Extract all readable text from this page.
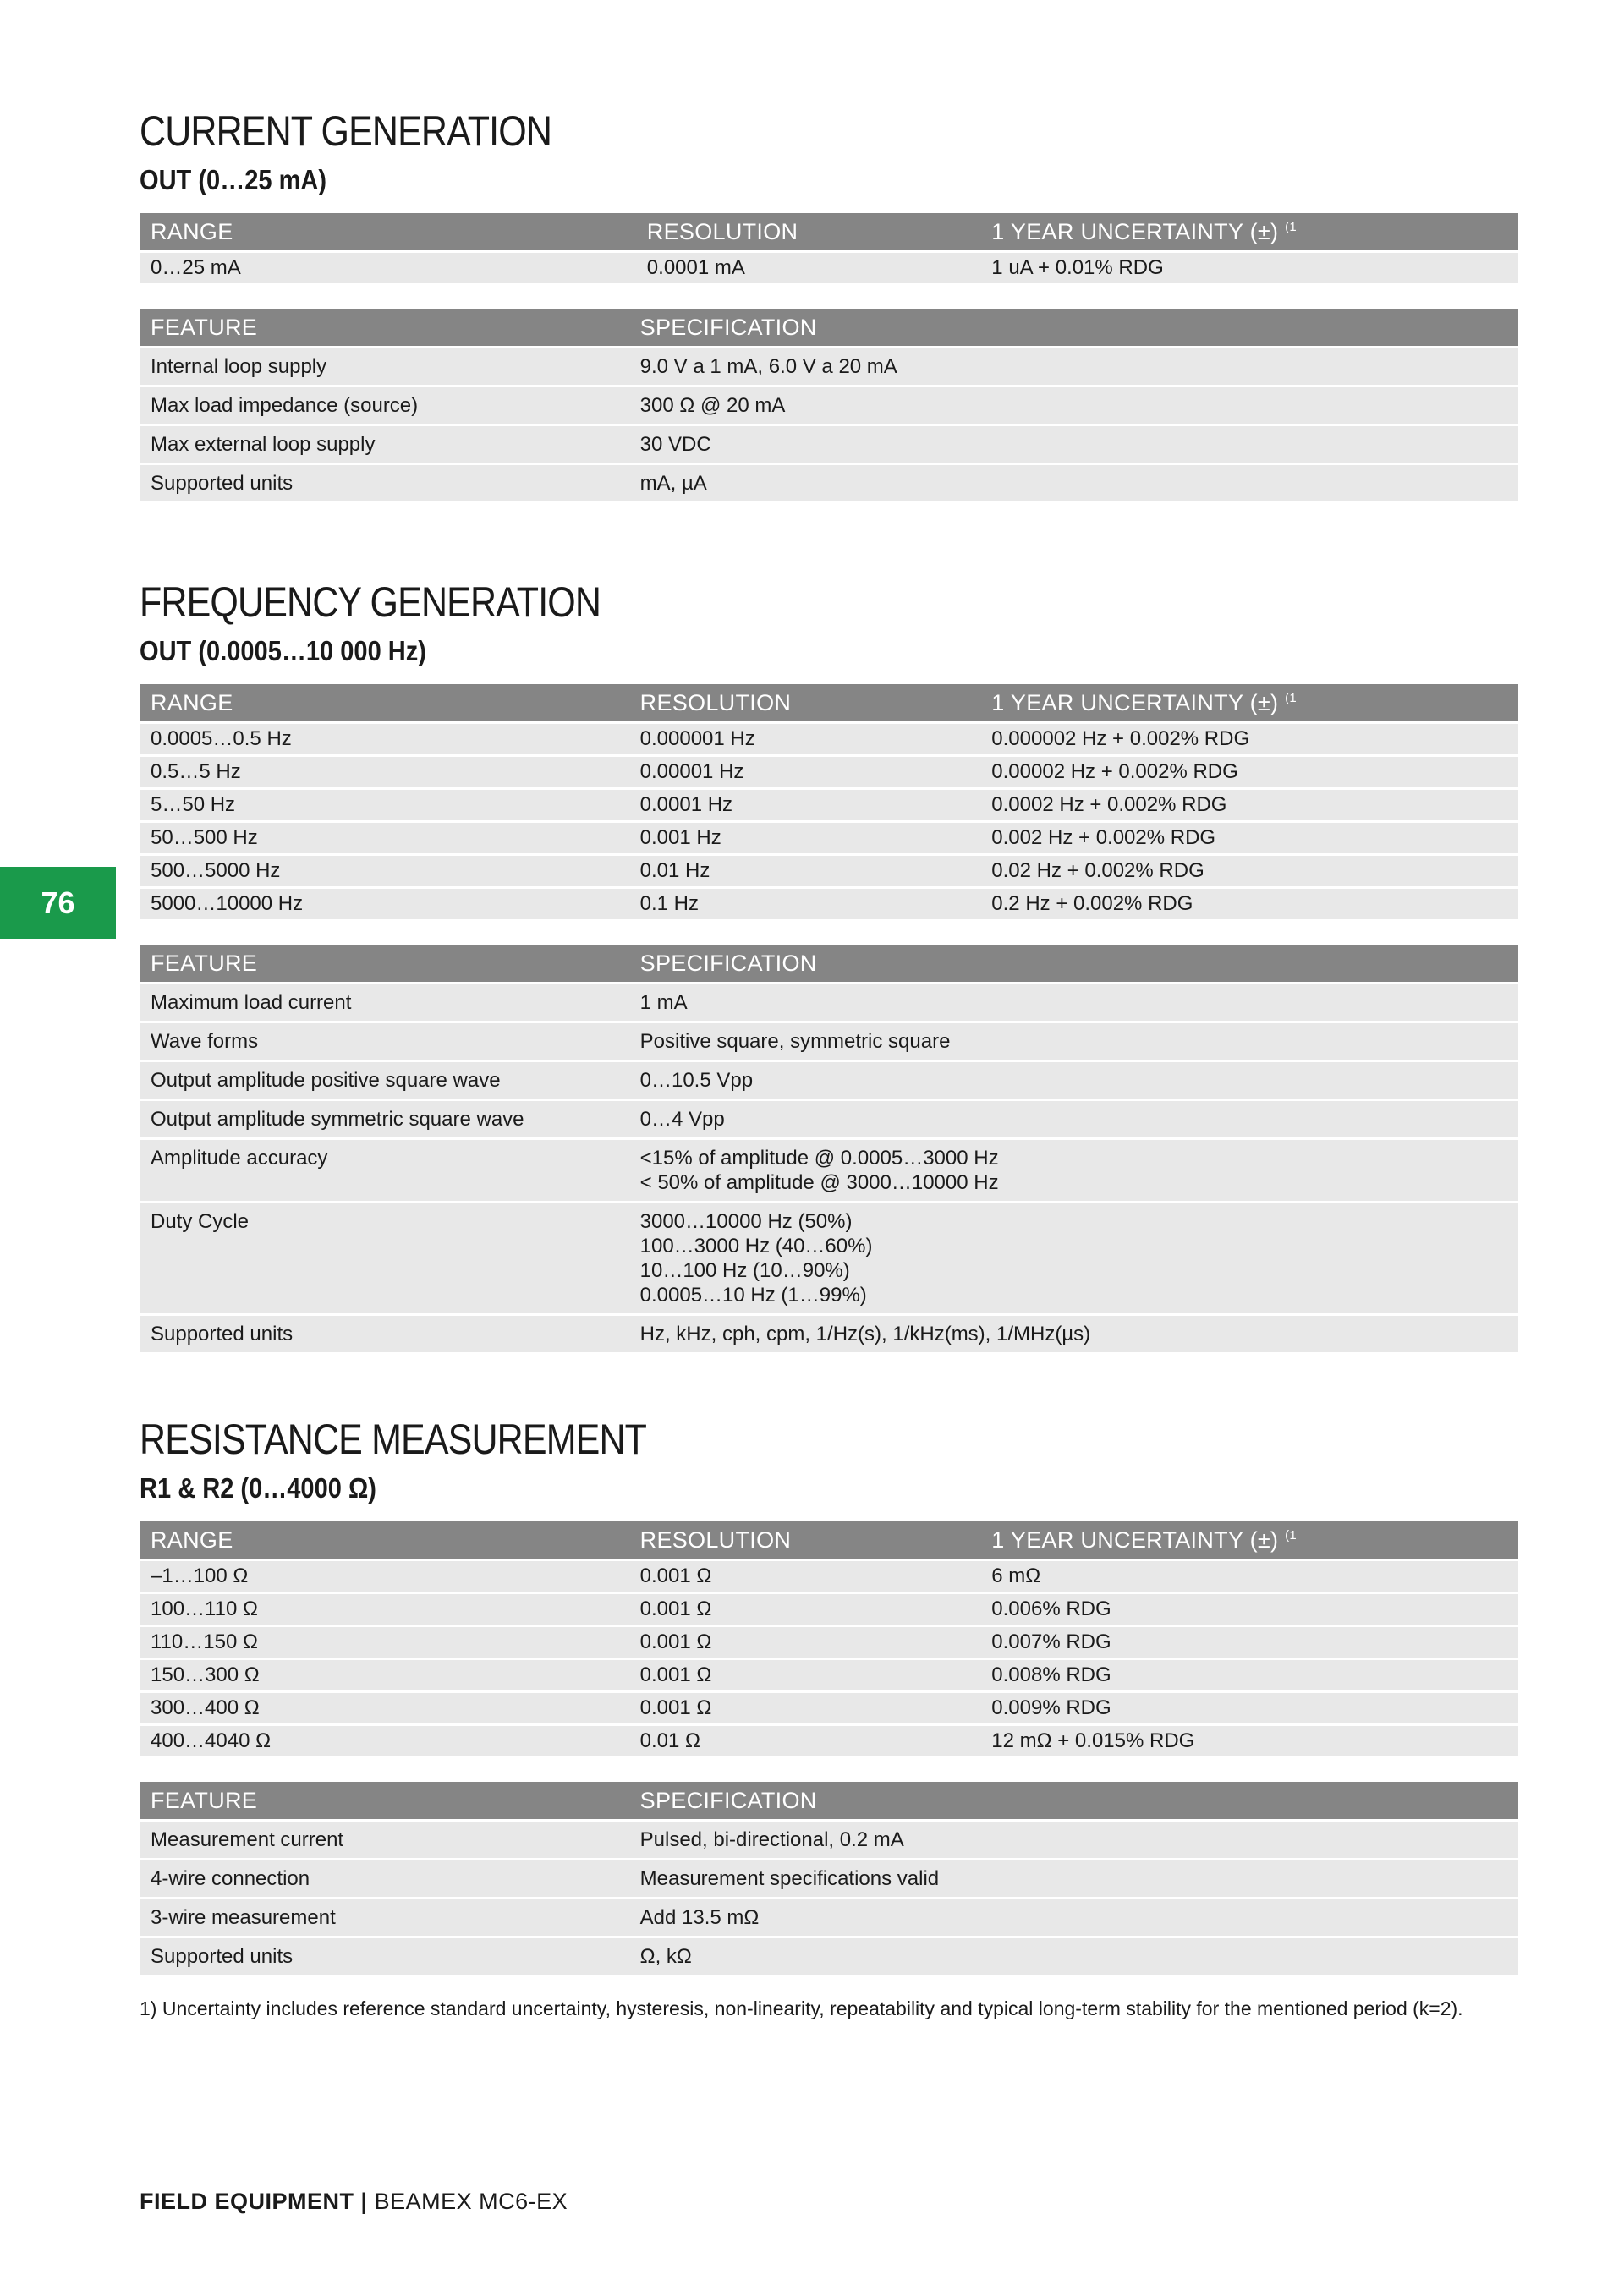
76
CURRENT GENERATION
OUT (0…25 mA)
RANGE	RESOLUTION	1 YEAR UNCERTAINTY (±) $^{(1}$
0…25 mA	0.0001 mA	1 uA + 0.01% RDG
FEATURE	SPECIFICATION
Internal loop supply	9.0 V a 1 mA, 6.0 V a 20 mA

Max load impedance (source)	300 Ω @ 20 mA

Max external loop supply	30 VDC

Supported units	mA, µA
FREQUENCY GENERATION
OUT (0.0005…10 000 Hz)
RANGE	RESOLUTION	1 YEAR UNCERTAINTY (±) $^{(1}$
0.0005…0.5 Hz	0.000001 Hz	0.000002 Hz + 0.002% RDG
0.5…5 Hz	0.00001 Hz	0.00002 Hz + 0.002% RDG
5…50 Hz	0.0001 Hz	0.0002 Hz + 0.002% RDG
50…500 Hz	0.001 Hz	0.002 Hz + 0.002% RDG
500…5000 Hz	0.01 Hz	0.02 Hz + 0.002% RDG
5000…10000 Hz	0.1 Hz	0.2 Hz + 0.002% RDG
FEATURE	SPECIFICATION
Maximum load current	1 mA

Wave forms	Positive square, symmetric square

Output amplitude positive square wave	0…10.5 Vpp

Output amplitude symmetric square wave	0…4 Vpp

Amplitude accuracy	<15% of amplitude @ 0.0005…3000 Hz
< 50% of amplitude @ 3000…10000 Hz

Duty Cycle	3000…10000 Hz (50%)
100…3000 Hz (40…60%)
10…100 Hz (10…90%)
0.0005…10 Hz (1…99%)

Supported units	Hz, kHz, cph, cpm, 1/Hz(s), 1/kHz(ms), 1/MHz(µs)
RESISTANCE MEASUREMENT
R1 & R2 (0…4000 Ω)
RANGE	RESOLUTION	1 YEAR UNCERTAINTY (±) $^{(1}$
–1…100 Ω	0.001 Ω	6 mΩ
100…110 Ω	0.001 Ω	0.006% RDG
110…150 Ω	0.001 Ω	0.007% RDG
150…300 Ω	0.001 Ω	0.008% RDG
300…400 Ω	0.001 Ω	0.009% RDG
400…4040 Ω	0.01 Ω	12 mΩ + 0.015% RDG
FEATURE	SPECIFICATION
Measurement current	Pulsed, bi-directional, 0.2 mA

4-wire connection	Measurement specifications valid

3-wire measurement	Add 13.5 mΩ

Supported units	Ω, kΩ
1) Uncertainty includes reference standard uncertainty, hysteresis, non-linearity, repeatability and typical long-term stability for the mentioned period (k=2).
FIELD EQUIPMENT | BEAMEX MC6-EX
